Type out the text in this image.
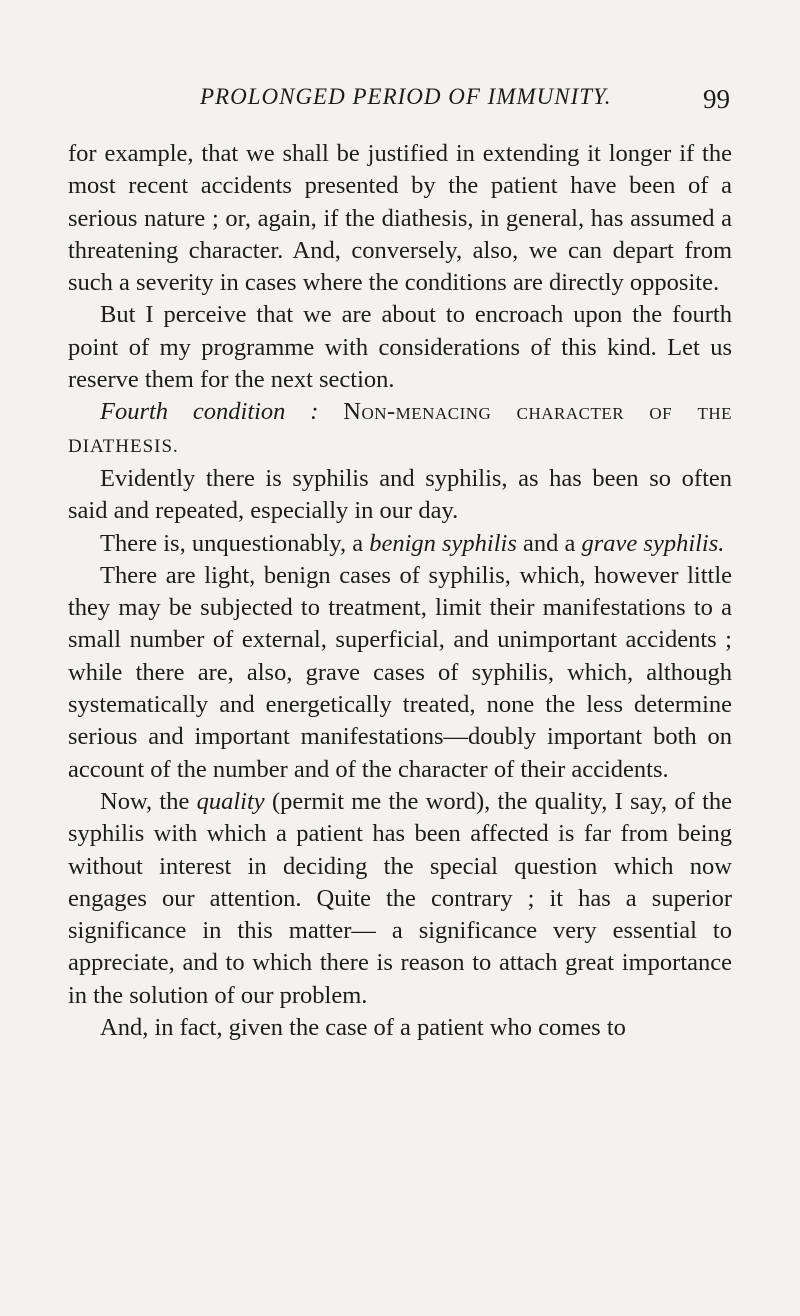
PROLONGED PERIOD OF IMMUNITY.	99

for example, that we shall be justified in extending it longer if the most recent accidents presented by the patient have been of a serious nature ; or, again, if the diathesis, in general, has assumed a threatening character. And, conversely, also, we can depart from such a severity in cases where the conditions are directly opposite.

But I perceive that we are about to encroach upon the fourth point of my programme with considerations of this kind. Let us reserve them for the next section.

Fourth condition : Non-menacing character of the DIATHESIS.

Evidently there is syphilis and syphilis, as has been so often said and repeated, especially in our day.

There is, unquestionably, a benign syphilis and a grave syphilis.

There are light, benign cases of syphilis, which, however little they may be subjected to treatment, limit their manifestations to a small number of external, superficial, and unimportant accidents ; while there are, also, grave cases of syphilis, which, although systematically and energetically treated, none the less determine serious and important manifestations—doubly important both on account of the number and of the character of their accidents.

Now, the quality (permit me the word), the quality, I say, of the syphilis with which a patient has been affected is far from being without interest in deciding the special question which now engages our attention. Quite the contrary ; it has a superior significance in this matter— a significance very essential to appreciate, and to which there is reason to attach great importance in the solution of our problem.

And, in fact, given the case of a patient who comes to
